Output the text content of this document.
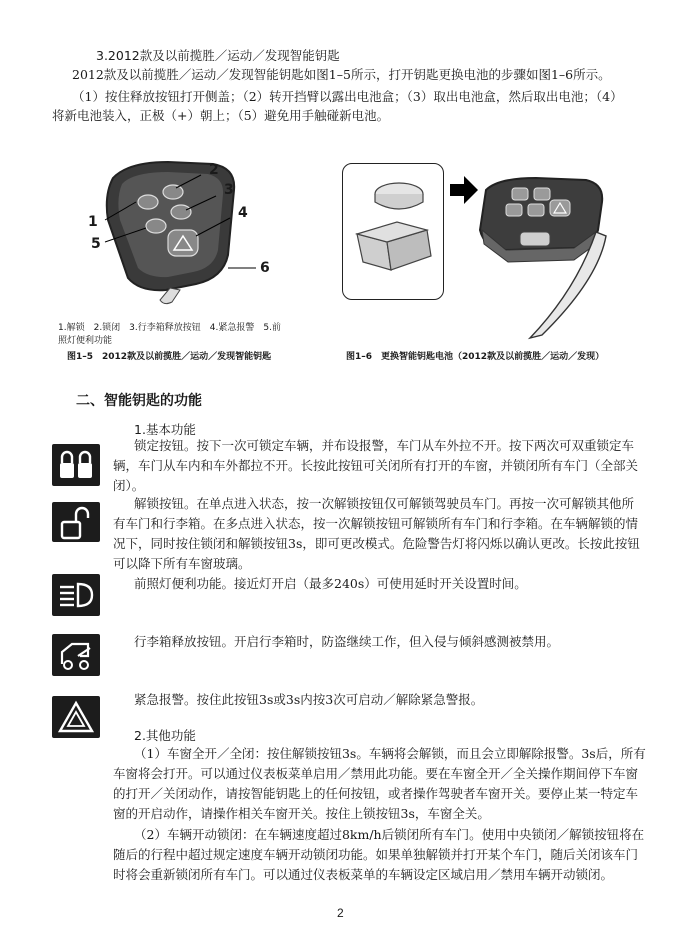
3.2012款及以前揽胜／运动／发现智能钥匙
2012款及以前揽胜／运动／发现智能钥匙如图1–5所示，打开钥匙更换电池的步骤如图1–6所示。
（1）按住释放按钮打开侧盖；（2）转开挡臂以露出电池盒；（3）取出电池盒，然后取出电池；（4）
将新电池装入，正极（+）朝上；（5）避免用手触碰新电池。
1
2
3
4
5
6
1.解锁　2.锁闭　3.行李箱释放按钮　4.紧急报警　5.前
照灯便利功能
图1–5　2012款及以前揽胜／运动／发现智能钥匙	图1–6　更换智能钥匙电池（2012款及以前揽胜／运动／发现）
二、智能钥匙的功能
1.基本功能
锁定按钮。按下一次可锁定车辆，并布设报警，车门从车外拉不开。按下两次可双重锁定车
辆，车门从车内和车外都拉不开。长按此按钮可关闭所有打开的车窗，并锁闭所有车门（全部关
闭）。
解锁按钮。在单点进入状态，按一次解锁按钮仅可解锁驾驶员车门。再按一次可解锁其他所
有车门和行李箱。在多点进入状态，按一次解锁按钮可解锁所有车门和行李箱。在车辆解锁的情
况下，同时按住锁闭和解锁按钮3s，即可更改模式。危险警告灯将闪烁以确认更改。长按此按钮
可以降下所有车窗玻璃。
前照灯便利功能。接近灯开启（最多240s）可使用延时开关设置时间。
行李箱释放按钮。开启行李箱时，防盗继续工作，但入侵与倾斜感测被禁用。
紧急报警。按住此按钮3s或3s内按3次可启动／解除紧急警报。
2.其他功能
（1）车窗全开／全闭：按住解锁按钮3s。车辆将会解锁，而且会立即解除报警。3s后，所有
车窗将会打开。可以通过仪表板菜单启用／禁用此功能。要在车窗全开／全关操作期间停下车窗
的打开／关闭动作，请按智能钥匙上的任何按钮，或者操作驾驶者车窗开关。要停止某一特定车
窗的开启动作，请操作相关车窗开关。按住上锁按钮3s，车窗全关。
（2）车辆开动锁闭：在车辆速度超过8km/h后锁闭所有车门。使用中央锁闭／解锁按钮将在
随后的行程中超过规定速度车辆开动锁闭功能。如果单独解锁并打开某个车门，随后关闭该车门
时将会重新锁闭所有车门。可以通过仪表板菜单的车辆设定区域启用／禁用车辆开动锁闭。
2
